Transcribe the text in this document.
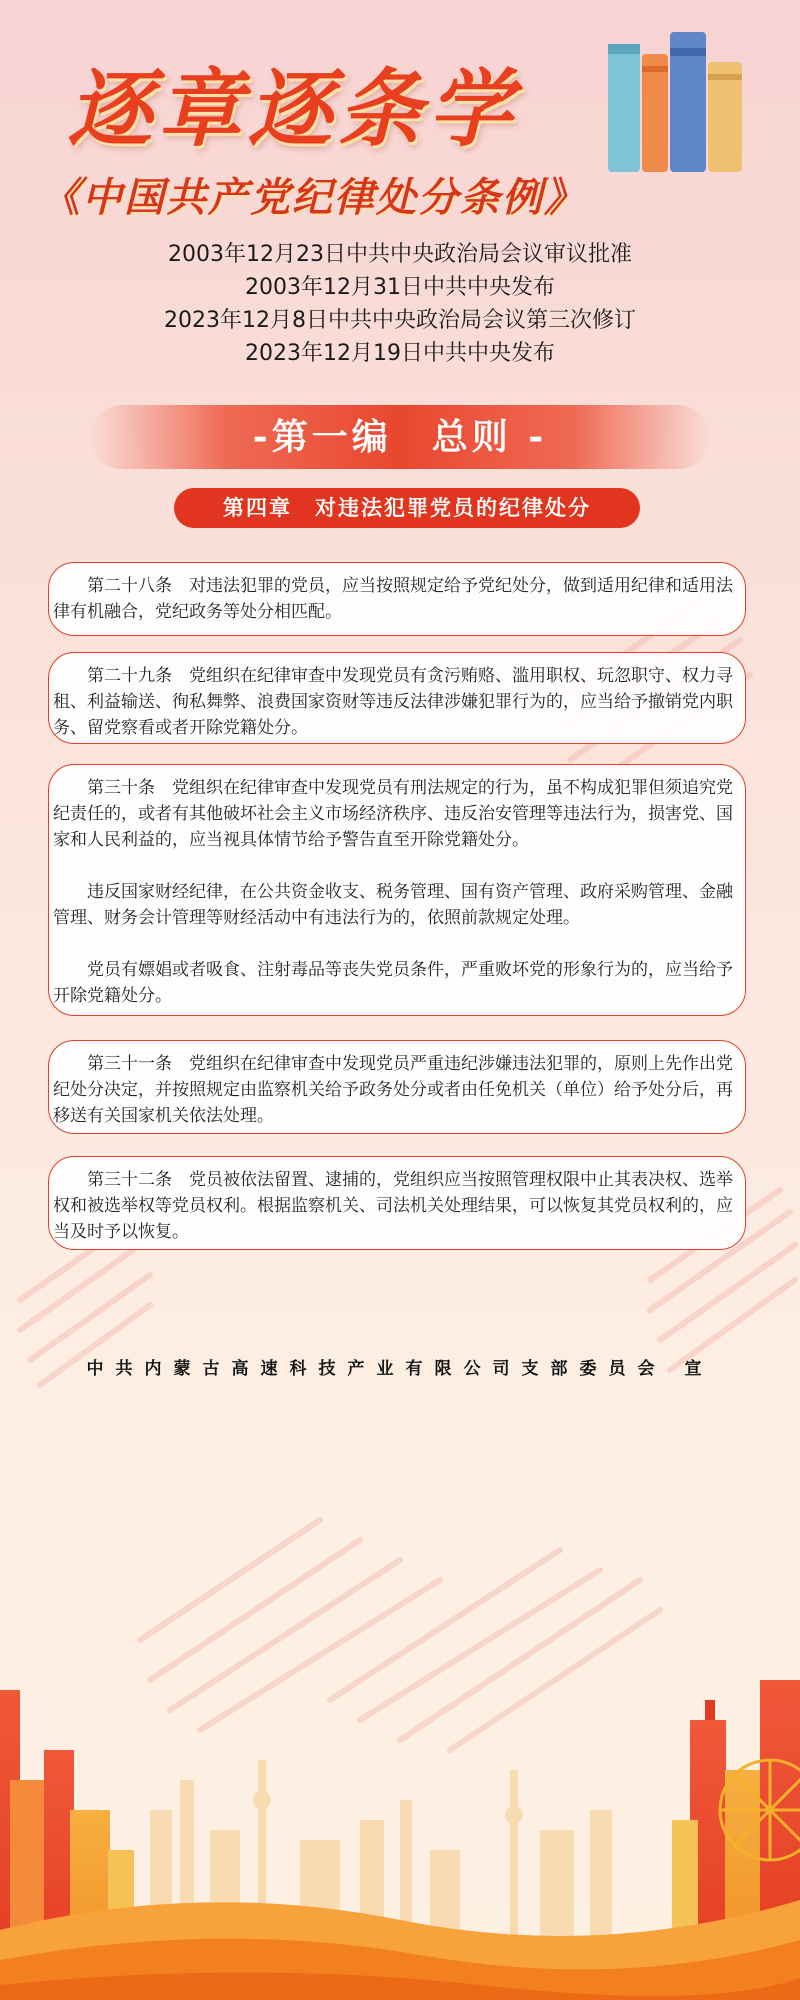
逐章逐条学
《中国共产党纪律处分条例》
2003年12月23日中共中央政治局会议审议批准
2003年12月31日中共中央发布
2023年12月8日中共中央政治局会议第三次修订
2023年12月19日中共中央发布
-第一编　总则 -
第四章　对违法犯罪党员的纪律处分

第二十八条　对违法犯罪的党员，应当按照规定给予党纪处分，做到适用纪律和适用法律有机融合，党纪政务等处分相匹配。

第二十九条　党组织在纪律审查中发现党员有贪污贿赂、滥用职权、玩忽职守、权力寻租、利益输送、徇私舞弊、浪费国家资财等违反法律涉嫌犯罪行为的，应当给予撤销党内职务、留党察看或者开除党籍处分。

第三十条　党组织在纪律审查中发现党员有刑法规定的行为，虽不构成犯罪但须追究党纪责任的，或者有其他破坏社会主义市场经济秩序、违反治安管理等违法行为，损害党、国家和人民利益的，应当视具体情节给予警告直至开除党籍处分。

违反国家财经纪律，在公共资金收支、税务管理、国有资产管理、政府采购管理、金融管理、财务会计管理等财经活动中有违法行为的，依照前款规定处理。

党员有嫖娼或者吸食、注射毒品等丧失党员条件，严重败坏党的形象行为的，应当给予开除党籍处分。

第三十一条　党组织在纪律审查中发现党员严重违纪涉嫌违法犯罪的，原则上先作出党纪处分决定，并按照规定由监察机关给予政务处分或者由任免机关（单位）给予处分后，再移送有关国家机关依法处理。

第三十二条　党员被依法留置、逮捕的，党组织应当按照管理权限中止其表决权、选举权和被选举权等党员权利。根据监察机关、司法机关处理结果，可以恢复其党员权利的，应当及时予以恢复。

中共内蒙古高速科技产业有限公司支部委员会 宣
